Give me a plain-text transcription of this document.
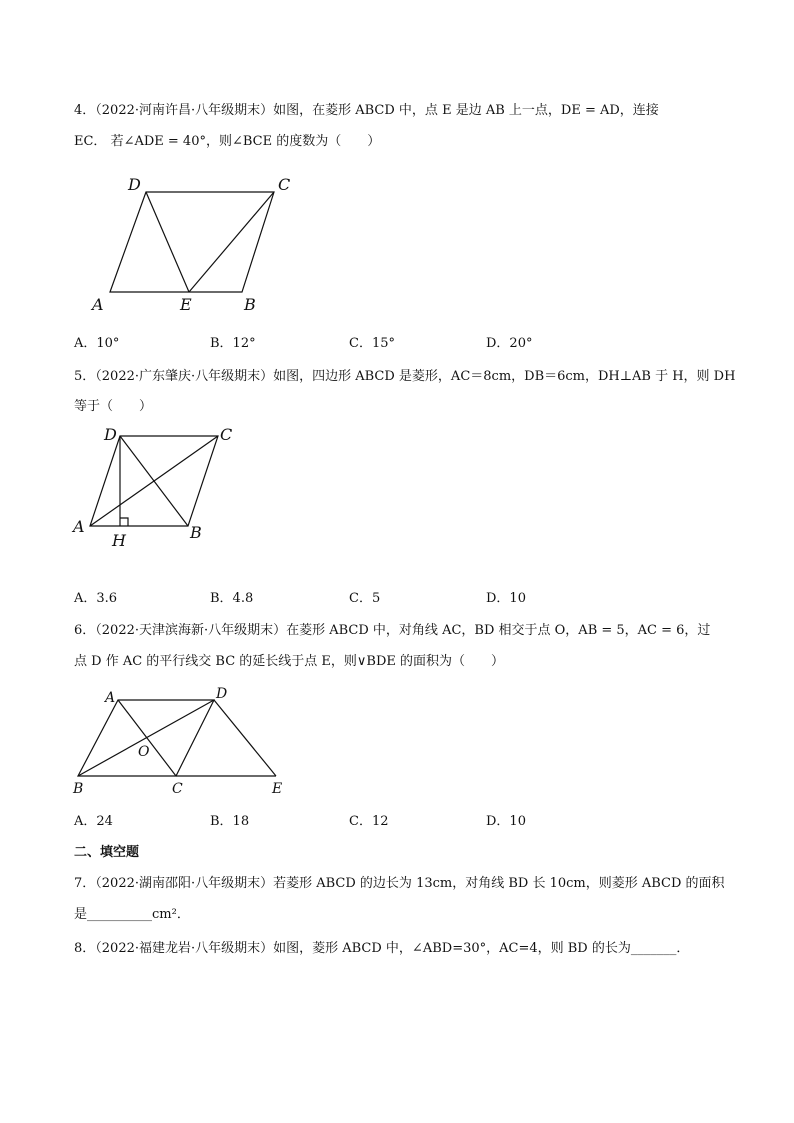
4．（2022·河南许昌·八年级期末）如图，在菱形 ABCD 中，点 E 是边 AB 上一点，DE = AD，连接
EC． 若∠ADE = 40°，则∠BCE 的度数为（　　）
D	C
A	E	B
A．10°	B．12°	C．15°	D．20°
5．（2022·广东肇庆·八年级期末）如图，四边形 ABCD 是菱形，AC＝8cm，DB＝6cm，DH⊥AB 于 H，则 DH
等于（　　）
D	C
A	B
H
A．3.6	B．4.8	C．5	D．10
6．（2022·天津滨海新·八年级期末）在菱形 ABCD 中，对角线 AC，BD 相交于点 O，AB = 5，AC = 6，过
点 D 作 AC 的平行线交 BC 的延长线于点 E，则∨BDE 的面积为（　　）
A	D
O
B	C	E
A．24	B．18	C．12	D．10
二、填空题
7．（2022·湖南邵阳·八年级期末）若菱形 ABCD 的边长为 13cm，对角线 BD 长 10cm，则菱形 ABCD 的面积
是__________cm²．
8．（2022·福建龙岩·八年级期末）如图，菱形 ABCD 中，∠ABD=30°，AC=4，则 BD 的长为_______．
